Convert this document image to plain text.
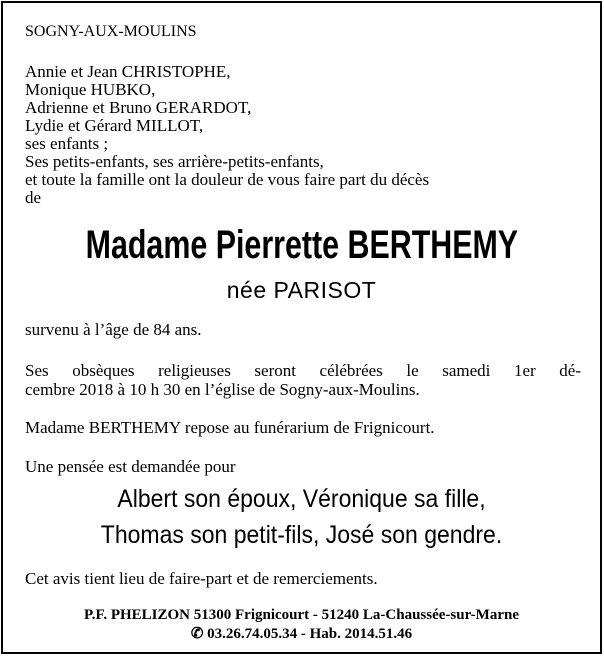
SOGNY-AUX-MOULINS

Annie et Jean CHRISTOPHE,
Monique HUBKO,
Adrienne et Bruno GERARDOT,
Lydie et Gérard MILLOT,
ses enfants ;
Ses petits-enfants, ses arrière-petits-enfants,
et toute la famille ont la douleur de vous faire part du décès
de
Madame Pierrette BERTHEMY

née PARISOT

survenu à l’âge de 84 ans.

Ses obsèques religieuses seront célébrées le samedi 1er dé-
cembre 2018 à 10 h 30 en l’église de Sogny-aux-Moulins.

Madame BERTHEMY repose au funérarium de Frignicourt.

Une pensée est demandée pour

Albert son époux, Véronique sa fille,
Thomas son petit-fils, José son gendre.

Cet avis tient lieu de faire-part et de remerciements.

P.F. PHELIZON 51300 Frignicourt - 51240 La-Chaussée-sur-Marne
✆ 03.26.74.05.34 - Hab. 2014.51.46
